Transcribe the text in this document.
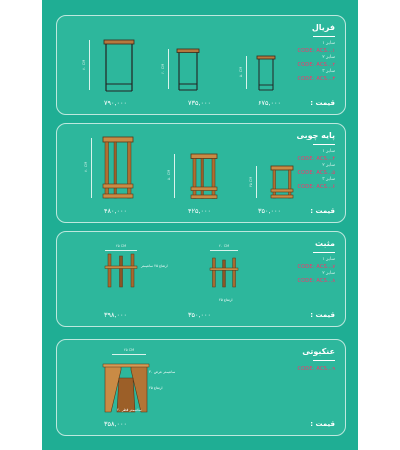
فریال
سایز ۱
CODE: ACS...۱
سایز ۲
CODE: ACS...۲
سایز ۳
CODE: ACS...۳
۷۰ CM	۶۰ CM	۵۰ CM
۷۹۰,۰۰۰	۷۳۵,۰۰۰	۶۷۵,۰۰۰	قیمت :
پایه چوبی
سایز ۱
CODE: ACS...۴
سایز ۲
CODE: ACS...۵
سایز ۳
CODE: ACS...۶
۷۰ CM
۵۰ CM
۳۵ CM
۴۸۰,۰۰۰	۴۲۵,۰۰۰	۳۵۰,۰۰۰	قیمت :
مثبت
سایز ۱
CODE: ACS...۷
سایز ۲
CODE: ACS...۸
۲۵ CM
ارتفاع ۲۵ سانتیمتر
۲۰ CM
ارتفاع ۲۵
۳۹۸,۰۰۰	۳۵۰,۰۰۰	قیمت :
عنکبوتی
CODE: ACS...۹
۲۵ CM
۳۰ سانتیمتر عرض
ارتفاع ۲۵
۲۰ سانتیمتر قطر
۳۵۸,۰۰۰	قیمت :
